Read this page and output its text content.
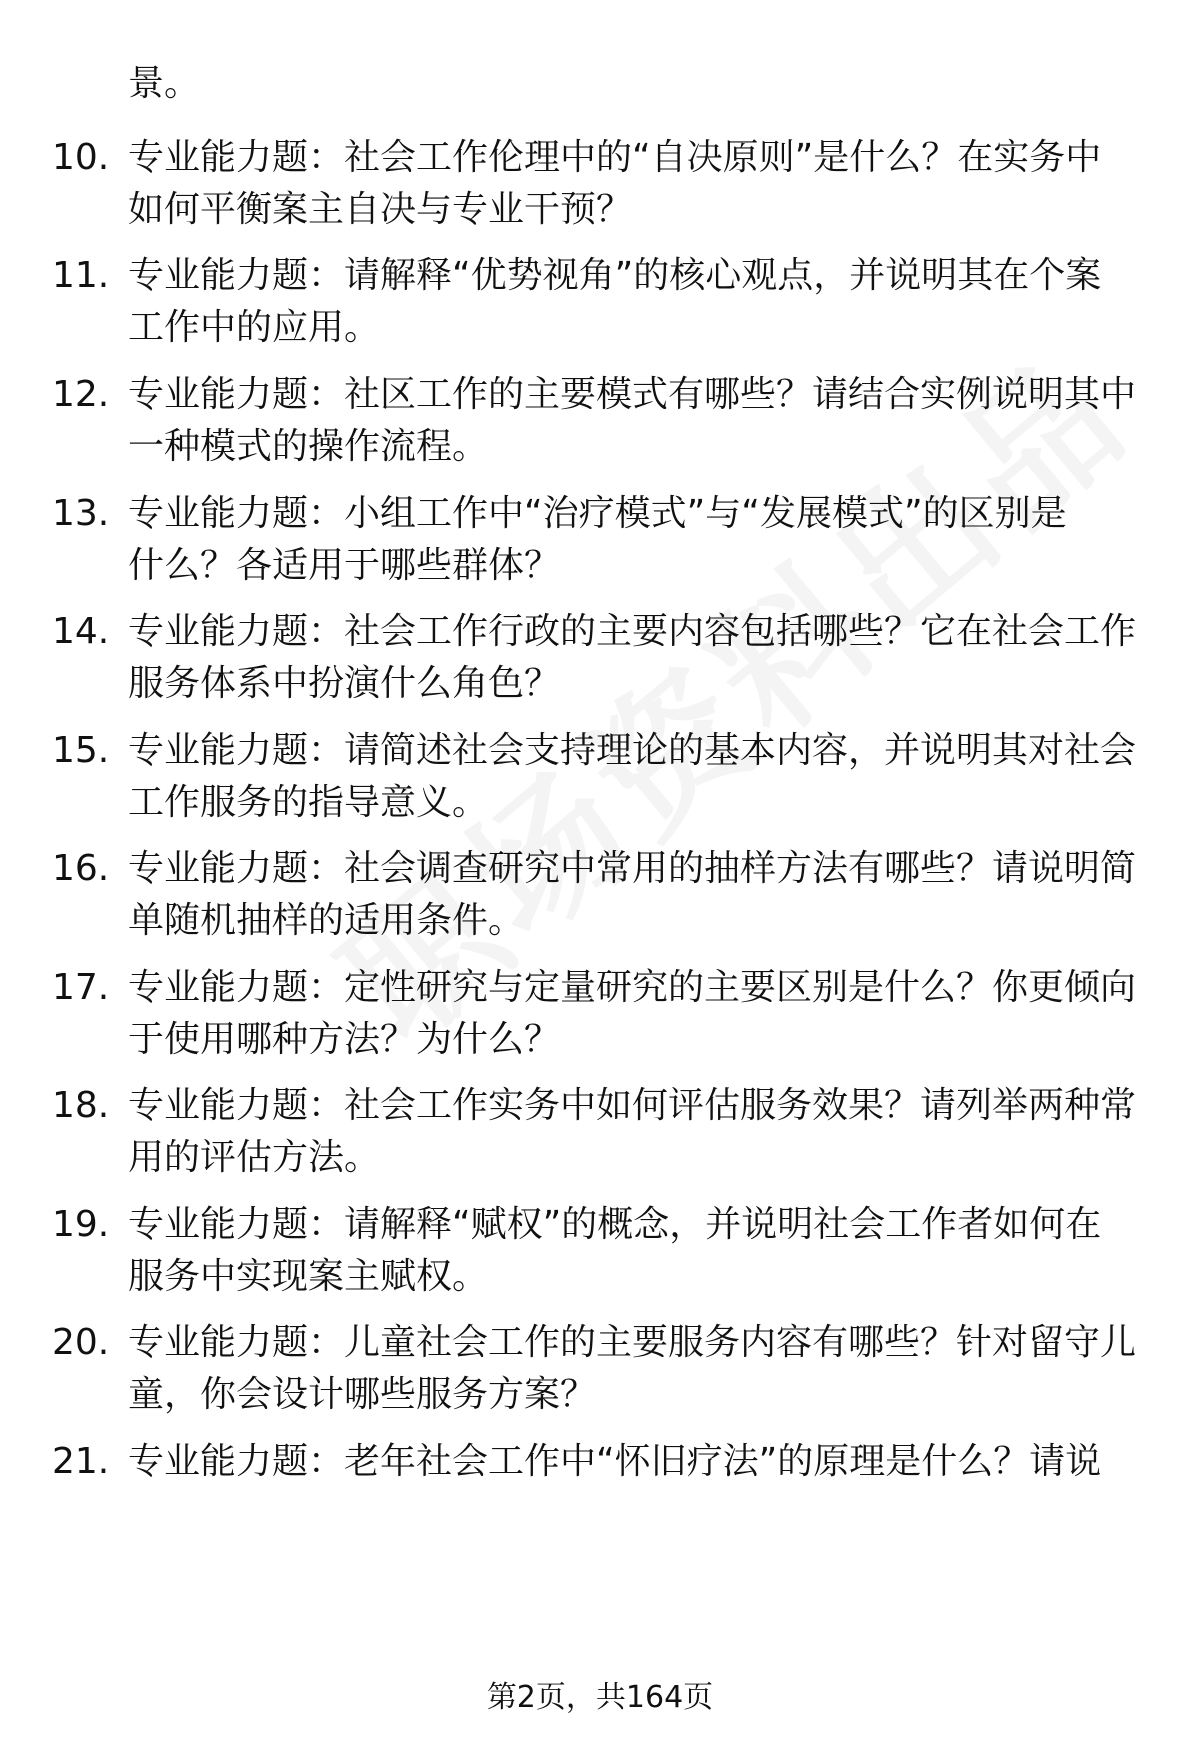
景。
10. 专业能力题：社会工作伦理中的“自决原则”是什么？在实务中
如何平衡案主自决与专业干预？
11. 专业能力题：请解释“优势视角”的核心观点，并说明其在个案
工作中的应用。
12. 专业能力题：社区工作的主要模式有哪些？请结合实例说明其中
一种模式的操作流程。
13. 专业能力题：小组工作中“治疗模式”与“发展模式”的区别是
什么？各适用于哪些群体？
14. 专业能力题：社会工作行政的主要内容包括哪些？它在社会工作
服务体系中扮演什么角色？
15. 专业能力题：请简述社会支持理论的基本内容，并说明其对社会
工作服务的指导意义。
16. 专业能力题：社会调查研究中常用的抽样方法有哪些？请说明简
单随机抽样的适用条件。
17. 专业能力题：定性研究与定量研究的主要区别是什么？你更倾向
于使用哪种方法？为什么？
18. 专业能力题：社会工作实务中如何评估服务效果？请列举两种常
用的评估方法。
19. 专业能力题：请解释“赋权”的概念，并说明社会工作者如何在
服务中实现案主赋权。
20. 专业能力题：儿童社会工作的主要服务内容有哪些？针对留守儿
童，你会设计哪些服务方案？
21. 专业能力题：老年社会工作中“怀旧疗法”的原理是什么？请说
第2页，共164页
